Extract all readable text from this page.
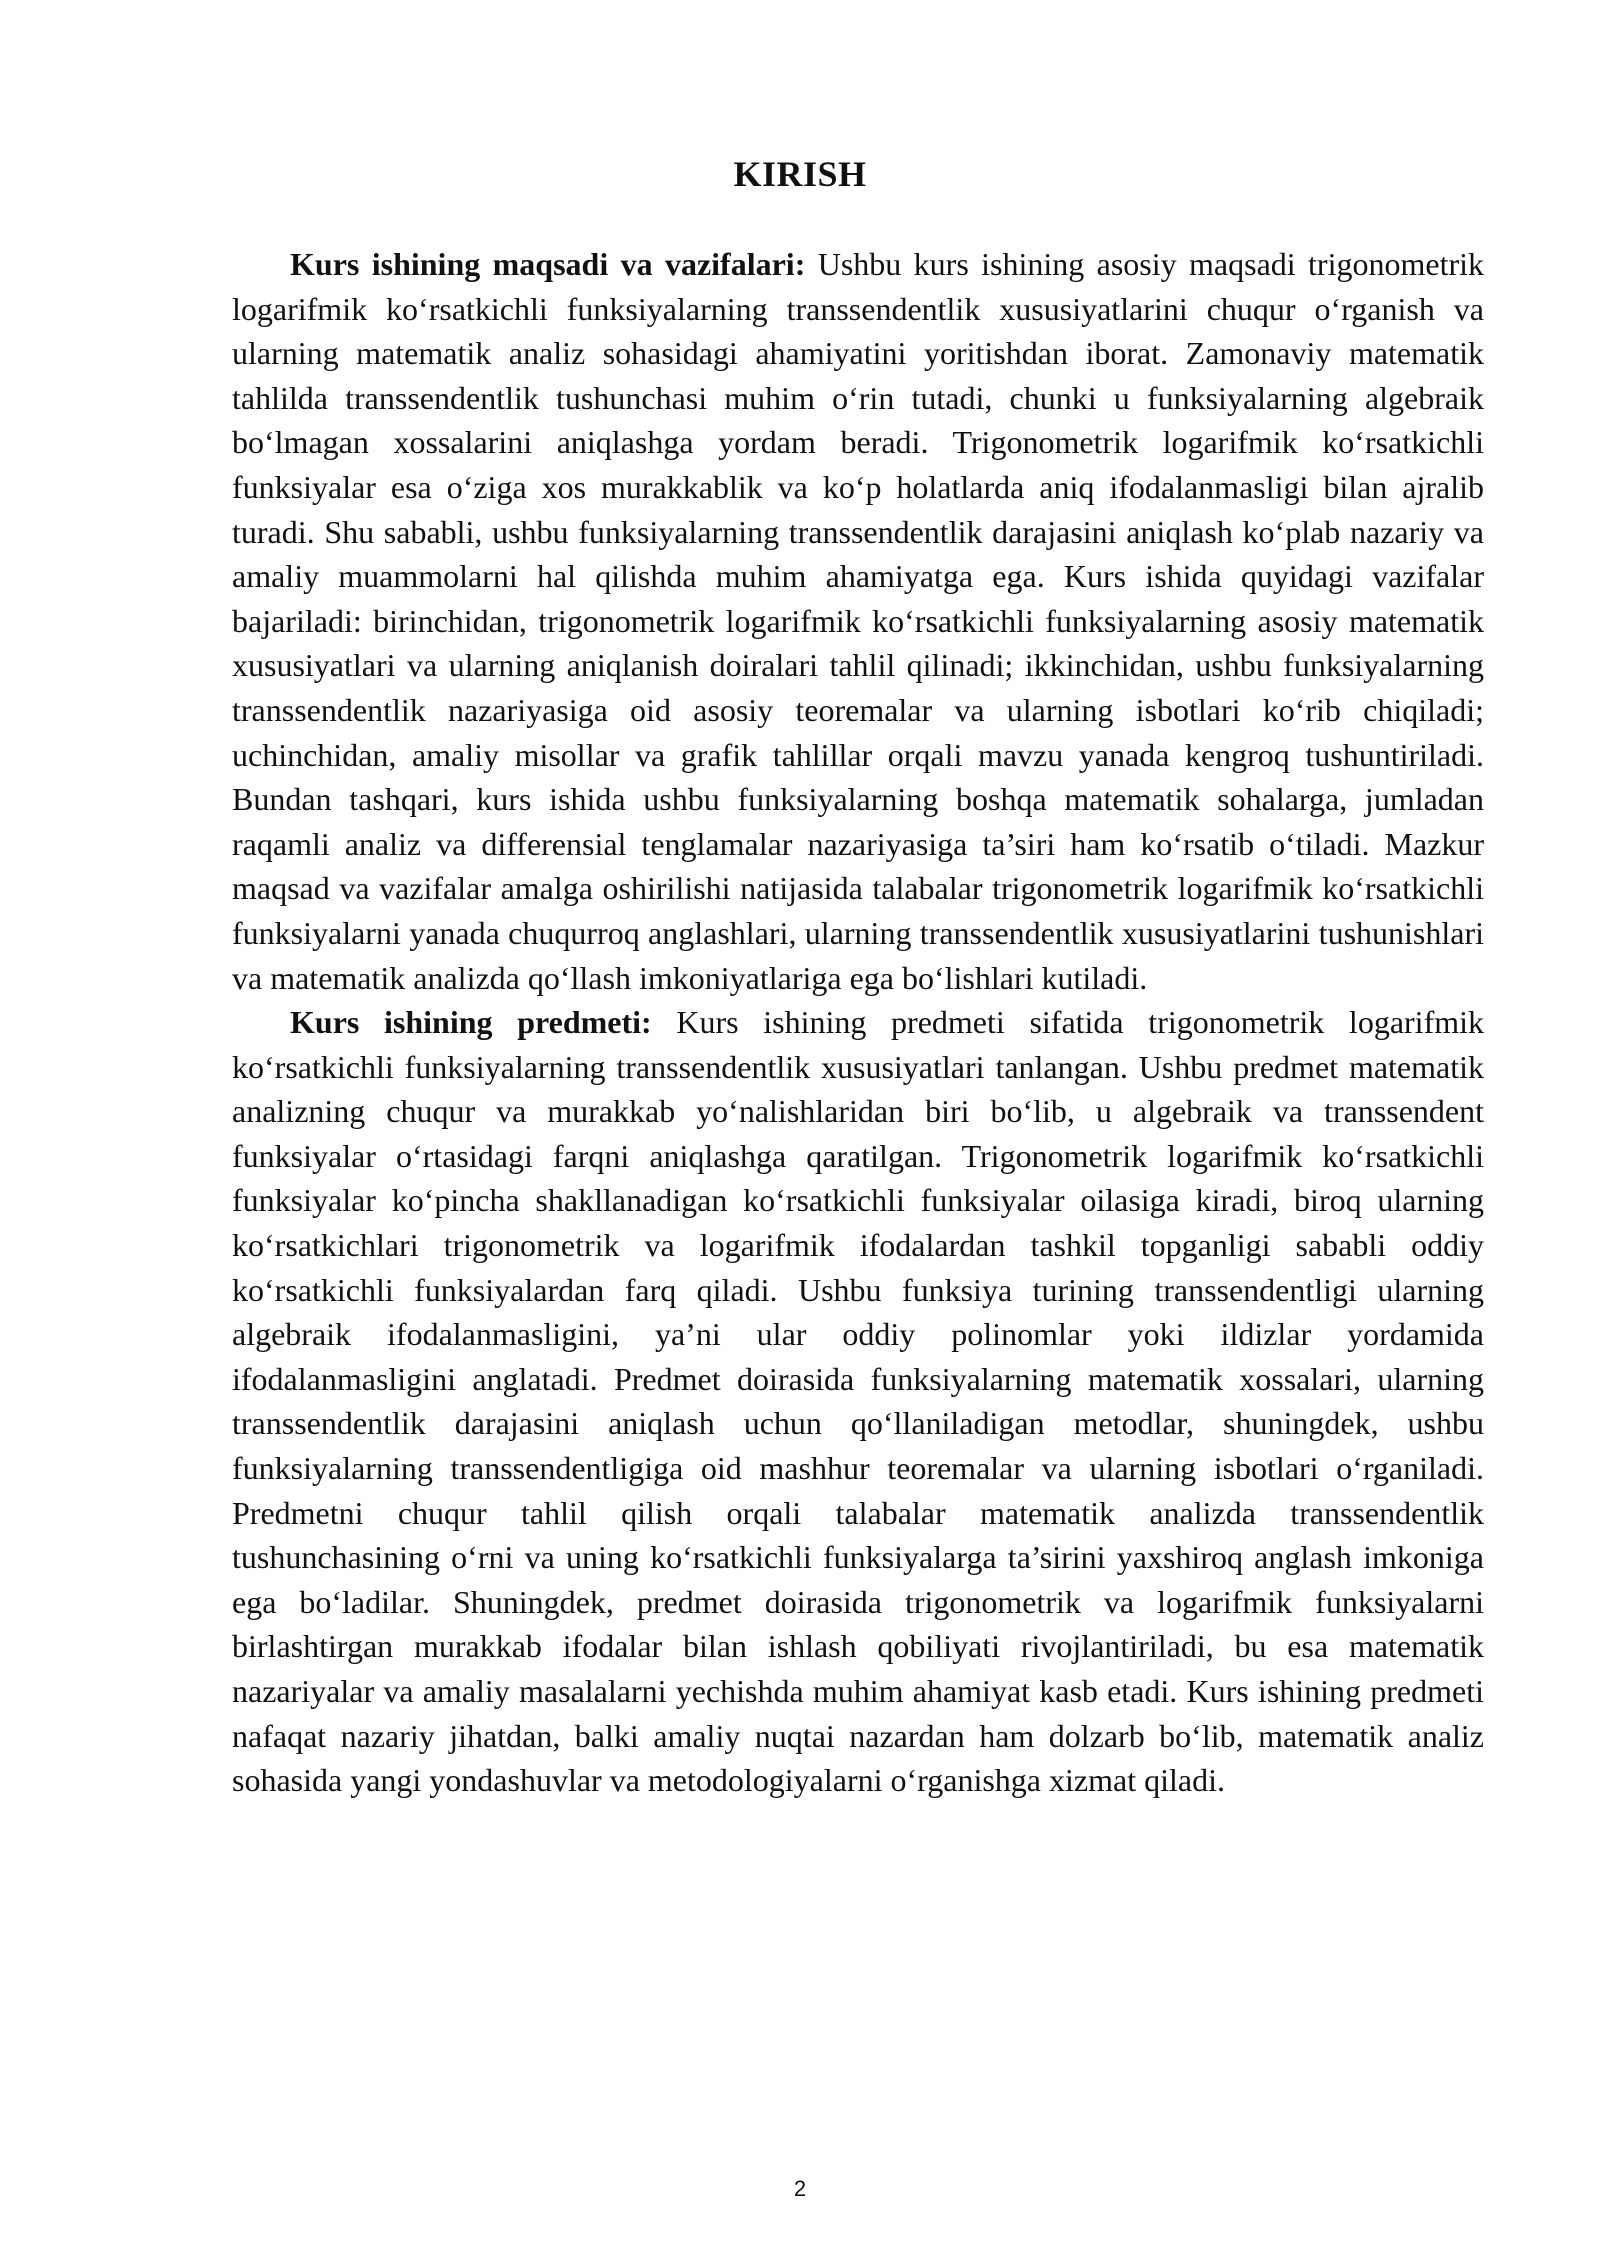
KIRISH

Kurs ishining maqsadi va vazifalari: Ushbu kurs ishining asosiy maqsadi trigonometrik logarifmik ko‘rsatkichli funksiyalarning transsendentlik xususiyatlarini chuqur o‘rganish va ularning matematik analiz sohasidagi ahamiyatini yoritishdan iborat. Zamonaviy matematik tahlilda transsendentlik tushunchasi muhim o‘rin tutadi, chunki u funksiyalarning algebraik bo‘lmagan xossalarini aniqlashga yordam beradi. Trigonometrik logarifmik ko‘rsatkichli funksiyalar esa o‘ziga xos murakkablik va ko‘p holatlarda aniq ifodalanmasligi bilan ajralib turadi. Shu sababli, ushbu funksiyalarning transsendentlik darajasini aniqlash ko‘plab nazariy va amaliy muammolarni hal qilishda muhim ahamiyatga ega. Kurs ishida quyidagi vazifalar bajariladi: birinchidan, trigonometrik logarifmik ko‘rsatkichli funksiyalarning asosiy matematik xususiyatlari va ularning aniqlanish doiralari tahlil qilinadi; ikkinchidan, ushbu funksiyalarning transsendentlik nazariyasiga oid asosiy teoremalar va ularning isbotlari ko‘rib chiqiladi; uchinchidan, amaliy misollar va grafik tahlillar orqali mavzu yanada kengroq tushuntiriladi. Bundan tashqari, kurs ishida ushbu funksiyalarning boshqa matematik sohalarga, jumladan raqamli analiz va differensial tenglamalar nazariyasiga ta’siri ham ko‘rsatib o‘tiladi. Mazkur maqsad va vazifalar amalga oshirilishi natijasida talabalar trigonometrik logarifmik ko‘rsatkichli funksiyalarni yanada chuqurroq anglashlari, ularning transsendentlik xususiyatlarini tushunishlari va matematik analizda qo‘llash imkoniyatlariga ega bo‘lishlari kutiladi.

Kurs ishining predmeti: Kurs ishining predmeti sifatida trigonometrik logarifmik ko‘rsatkichli funksiyalarning transsendentlik xususiyatlari tanlangan. Ushbu predmet matematik analizning chuqur va murakkab yo‘nalishlaridan biri bo‘lib, u algebraik va transsendent funksiyalar o‘rtasidagi farqni aniqlashga qaratilgan. Trigonometrik logarifmik ko‘rsatkichli funksiyalar ko‘pincha shakllanadigan ko‘rsatkichli funksiyalar oilasiga kiradi, biroq ularning ko‘rsatkichlari trigonometrik va logarifmik ifodalardan tashkil topganligi sababli oddiy ko‘rsatkichli funksiyalardan farq qiladi. Ushbu funksiya turining transsendentligi ularning algebraik ifodalanmasligini, ya’ni ular oddiy polinomlar yoki ildizlar yordamida ifodalanmasligini anglatadi. Predmet doirasida funksiyalarning matematik xossalari, ularning transsendentlik darajasini aniqlash uchun qo‘llaniladigan metodlar, shuningdek, ushbu funksiyalarning transsendentligiga oid mashhur teoremalar va ularning isbotlari o‘rganiladi. Predmetni chuqur tahlil qilish orqali talabalar matematik analizda transsendentlik tushunchasining o‘rni va uning ko‘rsatkichli funksiyalarga ta’sirini yaxshiroq anglash imkoniga ega bo‘ladilar. Shuningdek, predmet doirasida trigonometrik va logarifmik funksiyalarni birlashtirgan murakkab ifodalar bilan ishlash qobiliyati rivojlantiriladi, bu esa matematik nazariyalar va amaliy masalalarni yechishda muhim ahamiyat kasb etadi. Kurs ishining predmeti nafaqat nazariy jihatdan, balki amaliy nuqtai nazardan ham dolzarb bo‘lib, matematik analiz sohasida yangi yondashuvlar va metodologiyalarni o‘rganishga xizmat qiladi.

2
